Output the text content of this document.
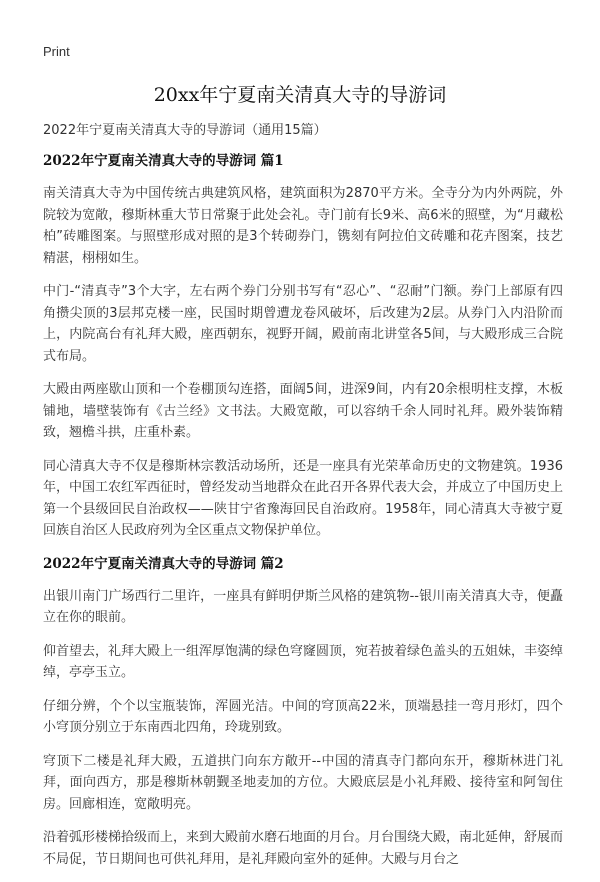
Print
20xx年宁夏南关清真大寺的导游词

2022年宁夏南关清真大寺的导游词（通用15篇）

2022年宁夏南关清真大寺的导游词 篇1

南关清真大寺为中国传统古典建筑风格，建筑面积为2870平方米。全寺分为内外两院，外院较为宽敞，穆斯林重大节日常聚于此处会礼。寺门前有长9米、高6米的照壁，为“月藏松柏”砖雕图案。与照壁形成对照的是3个转砌券门，镌刻有阿拉伯文砖雕和花卉图案，技艺精湛，栩栩如生。

中门-“清真寺”3个大字，左右两个券门分别书写有“忍心”、“忍耐”门额。券门上部原有四角攒尖顶的3层邦克楼一座，民国时期曾遭龙卷风破坏，后改建为2层。从券门入内沿阶而上，内院高台有礼拜大殿，座西朝东，视野开阔，殿前南北讲堂各5间，与大殿形成三合院式布局。

大殿由两座歇山顶和一个卷棚顶勾连搭，面阔5间，进深9间，内有20余根明柱支撑，木板铺地，墙壁装饰有《古兰经》文书法。大殿宽敞，可以容纳千余人同时礼拜。殿外装饰精致，翘檐斗拱，庄重朴素。

同心清真大寺不仅是穆斯林宗教活动场所，还是一座具有光荣革命历史的文物建筑。1936年，中国工农红军西征时，曾经发动当地群众在此召开各界代表大会，并成立了中国历史上第一个县级回民自治政权——陕甘宁省豫海回民自治政府。1958年，同心清真大寺被宁夏回族自治区人民政府列为全区重点文物保护单位。

2022年宁夏南关清真大寺的导游词 篇2

出银川南门广场西行二里许，一座具有鲜明伊斯兰风格的建筑物--银川南关清真大寺，便矗立在你的眼前。

仰首望去，礼拜大殿上一组浑厚饱满的绿色穹窿圆顶，宛若披着绿色盖头的五姐妹，丰姿绰绰，亭亭玉立。

仔细分辨，个个以宝瓶装饰，浑圆光洁。中间的穹顶高22米，顶端悬挂一弯月形灯，四个小穹顶分别立于东南西北四角，玲珑别致。

穹顶下二楼是礼拜大殿，五道拱门向东方敞开--中国的清真寺门都向东开，穆斯林进门礼拜，面向西方，那是穆斯林朝觐圣地麦加的方位。大殿底层是小礼拜殿、接待室和阿訇住房。回廊相连，宽敞明亮。

沿着弧形楼梯拾级而上，来到大殿前水磨石地面的月台。月台围绕大殿，南北延伸，舒展而不局促，节日期间也可供礼拜用，是礼拜殿向室外的延伸。大殿与月台之
